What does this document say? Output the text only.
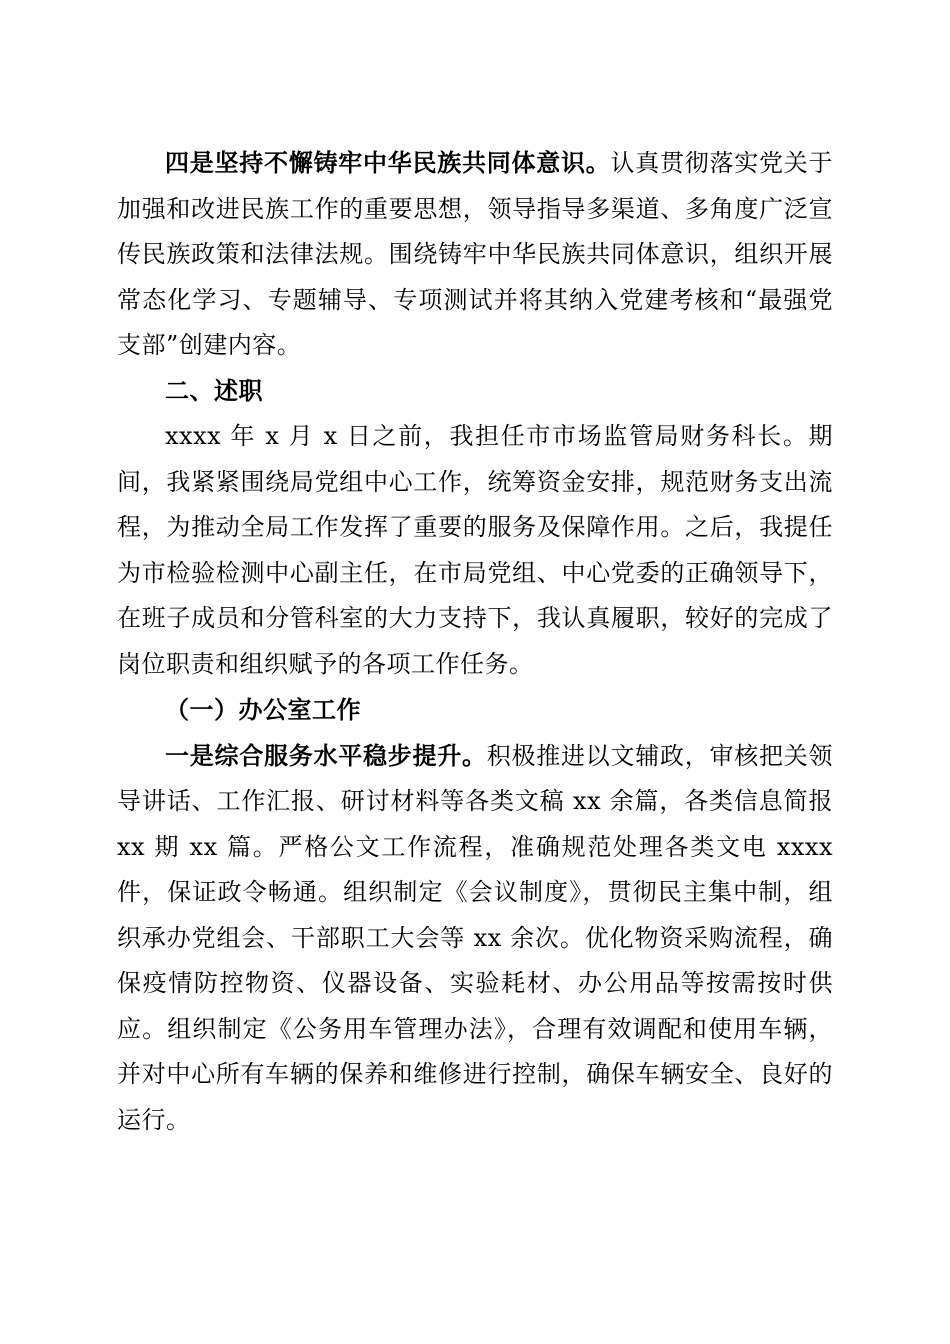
四是坚持不懈铸牢中华民族共同体意识。认真贯彻落实党关于加强和改进民族工作的重要思想，领导指导多渠道、多角度广泛宣传民族政策和法律法规。围绕铸牢中华民族共同体意识，组织开展常态化学习、专题辅导、专项测试并将其纳入党建考核和“最强党支部”创建内容。

二、述职

xxxx 年 x 月 x 日之前，我担任市市场监管局财务科长。期间，我紧紧围绕局党组中心工作，统筹资金安排，规范财务支出流程，为推动全局工作发挥了重要的服务及保障作用。之后，我提任为市检验检测中心副主任，在市局党组、中心党委的正确领导下，在班子成员和分管科室的大力支持下，我认真履职，较好的完成了岗位职责和组织赋予的各项工作任务。

（一）办公室工作

一是综合服务水平稳步提升。积极推进以文辅政，审核把关领导讲话、工作汇报、研讨材料等各类文稿 xx 余篇，各类信息简报 xx 期 xx 篇。严格公文工作流程，准确规范处理各类文电 xxxx 件，保证政令畅通。组织制定《会议制度》，贯彻民主集中制，组织承办党组会、干部职工大会等 xx 余次。优化物资采购流程，确保疫情防控物资、仪器设备、实验耗材、办公用品等按需按时供应。组织制定《公务用车管理办法》，合理有效调配和使用车辆，并对中心所有车辆的保养和维修进行控制，确保车辆安全、良好的运行。
